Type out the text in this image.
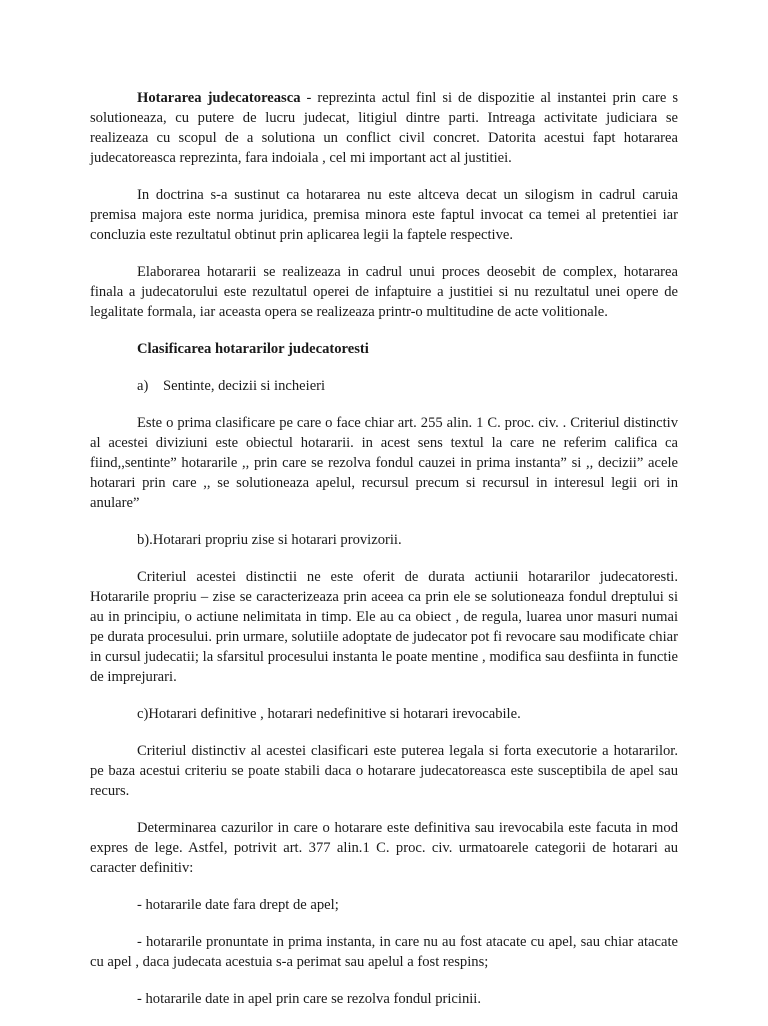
Hotararea judecatoreasca - reprezinta actul finl si de dispozitie al instantei prin care s solutioneaza, cu putere de lucru judecat, litigiul dintre parti. Intreaga activitate judiciara se realizeaza cu scopul de a solutiona un conflict civil concret. Datorita acestui fapt hotararea judecatoreasca reprezinta, fara indoiala , cel mi important act al justitiei.

In doctrina s-a sustinut ca hotararea nu este altceva decat un silogism in cadrul caruia premisa majora este norma juridica, premisa minora este faptul invocat ca temei al pretentiei iar concluzia este rezultatul obtinut prin aplicarea legii la faptele respective.

Elaborarea hotararii se realizeaza in cadrul unui proces deosebit de complex, hotararea finala a judecatorului este rezultatul operei de infaptuire a justitiei si nu rezultatul unei opere de legalitate formala, iar aceasta opera se realizeaza printr-o multitudine de acte volitionale.

Clasificarea hotararilor judecatoresti

a) Sentinte, decizii si incheieri

Este o prima clasificare pe care o face chiar art. 255 alin. 1 C. proc. civ. . Criteriul distinctiv al acestei diviziuni este obiectul hotararii. in acest sens textul la care ne referim califica ca fiind,,sentinte” hotararile ,, prin care se rezolva fondul cauzei in prima instanta” si ,, decizii” acele hotarari prin care ,, se solutioneaza apelul, recursul precum si recursul in interesul legii ori in anulare”

b).Hotarari propriu zise si hotarari provizorii.

Criteriul acestei distinctii ne este oferit de durata actiunii hotararilor judecatoresti. Hotararile propriu – zise se caracterizeaza prin aceea ca prin ele se solutioneaza fondul dreptului si au in principiu, o actiune nelimitata in timp. Ele au ca obiect , de regula, luarea unor masuri numai pe durata procesului. prin urmare, solutiile adoptate de judecator pot fi revocare sau modificate chiar in cursul judecatii; la sfarsitul procesului instanta le poate mentine , modifica sau desfiinta in functie de imprejurari.

c)Hotarari definitive , hotarari nedefinitive si hotarari irevocabile.

Criteriul distinctiv al acestei clasificari este puterea legala si forta executorie a hotararilor. pe baza acestui criteriu se poate stabili daca o hotarare judecatoreasca este susceptibila de apel sau recurs.

Determinarea cazurilor in care o hotarare este definitiva sau irevocabila este facuta in mod expres de lege. Astfel, potrivit art. 377 alin.1 C. proc. civ. urmatoarele categorii de hotarari au caracter definitiv:

- hotararile date fara drept de apel;

- hotararile pronuntate in prima instanta, in care nu au fost atacate cu apel, sau chiar atacate cu apel , daca judecata acestuia s-a perimat sau apelul a fost respins;

- hotararile date in apel prin care se rezolva fondul pricinii.
